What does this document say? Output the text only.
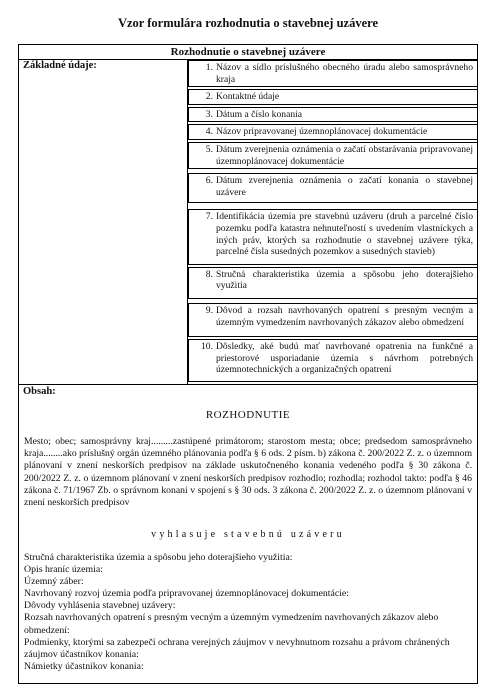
Vzor formulára rozhodnutia o stavebnej uzávere
Rozhodnutie o stavebnej uzávere
Základné údaje:	1. Názov a sídlo príslušného obecného úradu alebo samosprávneho kraja
2. Kontaktné údaje
3. Dátum a číslo konania
4. Názov pripravovanej územnoplánovacej dokumentácie
5. Dátum zverejnenia oznámenia o začatí obstarávania pripravovanej územnoplánovacej dokumentácie
6. Dátum zverejnenia oznámenia o začatí konania o stavebnej uzávere
7. Identifikácia územia pre stavebnú uzáveru (druh a parcelné číslo pozemku podľa katastra nehnuteľností s uvedením vlastníckych a iných práv, ktorých sa rozhodnutie o stavebnej uzávere týka, parcelné čísla susedných pozemkov a susedných stavieb)
8. Stručná charakteristika územia a spôsobu jeho doterajšieho využitia
9. Dôvod a rozsah navrhovaných opatrení s presným vecným a územným vymedzením navrhovaných zákazov alebo obmedzení
10. Dôsledky, aké budú mať navrhované opatrenia na funkčné a priestorové usporiadanie územia s návrhom potrebných územnotechnických a organizačných opatrení
Obsah:
ROZHODNUTIE
Mesto; obec; samosprávny kraj.........zastúpené primátorom; starostom mesta; obce; predsedom samosprávneho kraja........ako príslušný orgán územného plánovania podľa § 6 ods. 2 písm. b) zákona č. 200/2022 Z. z. o územnom plánovaní v znení neskorších predpisov na základe uskutočneného konania vedeného podľa § 30 zákona č. 200/2022 Z. z. o územnom plánovaní v znení neskorších predpisov rozhodlo; rozhodla; rozhodol takto: podľa § 46 zákona č. 71/1967 Zb. o správnom konaní v spojení s § 30 ods. 3 zákona č. 200/2022 Z. z. o územnom plánovaní v znení neskorších predpisov
vyhlasuje stavebnú uzáveru
Stručná charakteristika územia a spôsobu jeho doterajšieho využitia:
Opis hraníc územia:
Územný záber:
Navrhovaný rozvoj územia podľa pripravovanej územnoplánovacej dokumentácie:
Dôvody vyhlásenia stavebnej uzávery:
Rozsah navrhovaných opatrení s presným vecným a územným vymedzením navrhovaných zákazov alebo obmedzení:
Podmienky, ktorými sa zabezpečí ochrana verejných záujmov v nevyhnutnom rozsahu a právom chránených záujmov účastníkov konania:
Námietky účastníkov konania:
